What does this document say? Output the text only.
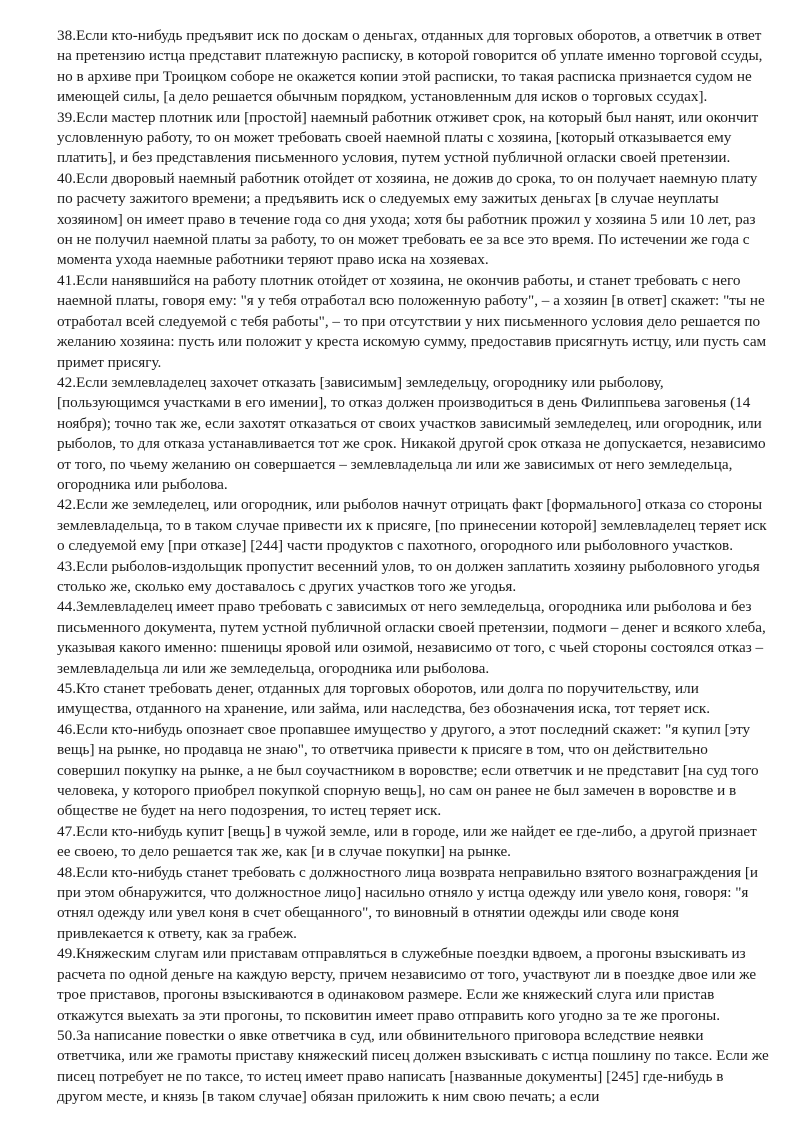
38.Если кто-нибудь предъявит иск по доскам о деньгах, отданных для торговых оборотов, а ответчик в ответ на претензию истца представит платежную расписку, в которой говорится об уплате именно торговой ссуды, но в архиве при Троицком соборе не окажется копии этой расписки, то такая расписка признается судом не имеющей силы, [а дело решается обычным порядком, установленным для исков о торговых ссудах].

39.Если мастер плотник или [простой] наемный работник отживет срок, на который был нанят, или окончит условленную работу, то он может требовать своей наемной платы с хозяина, [который отказывается ему платить], и без представления письменного условия, путем устной публичной огласки своей претензии.

40.Если дворовый наемный работник отойдет от хозяина, не дожив до срока, то он получает наемную плату по расчету зажитого времени; а предъявить иск о следуемых ему зажитых деньгах [в случае неуплаты хозяином] он имеет право в течение года со дня ухода; хотя бы работник прожил у хозяина 5 или 10 лет, раз он не получил наемной платы за работу, то он может требовать ее за все это время. По истечении же года с момента ухода наемные работники теряют право иска на хозяевах.

41.Если нанявшийся на работу плотник отойдет от хозяина, не окончив работы, и станет требовать с него наемной платы, говоря ему: "я у тебя отработал всю положенную работу", – а хозяин [в ответ] скажет: "ты не отработал всей следуемой с тебя работы", – то при отсутствии у них письменного условия дело решается по желанию хозяина: пусть или положит у креста искомую сумму, предоставив присягнуть истцу, или пусть сам примет присягу.

42.Если землевладелец захочет отказать [зависимым] земледельцу, огороднику или рыболову, [пользующимся участками в его имении], то отказ должен производиться в день Филиппьева заговенья (14 ноября); точно так же, если захотят отказаться от своих участков зависимый земледелец, или огородник, или рыболов, то для отказа устанавливается тот же срок. Никакой другой срок отказа не допускается, независимо от того, по чьему желанию он совершается – землевладельца ли или же зависимых от него земледельца, огородника или рыболова.

42.Если же земледелец, или огородник, или рыболов начнут отрицать факт [формального] отказа со стороны землевладельца, то в таком случае привести их к присяге, [по принесении которой] землевладелец теряет иск о следуемой ему [при отказе] [244] части продуктов с пахотного, огородного или рыболовного участков.

43.Если рыболов-издольщик пропустит весенний улов, то он должен заплатить хозяину рыболовного угодья столько же, сколько ему доставалось с других участков того же угодья.

44.Землевладелец имеет право требовать с зависимых от него земледельца, огородника или рыболова и без письменного документа, путем устной публичной огласки своей претензии, подмоги – денег и всякого хлеба, указывая какого именно: пшеницы яровой или озимой, независимо от того, с чьей стороны состоялся отказ – землевладельца ли или же земледельца, огородника или рыболова.

45.Кто станет требовать денег, отданных для торговых оборотов, или долга по поручительству, или имущества, отданного на хранение, или займа, или наследства, без обозначения иска, тот теряет иск.

46.Если кто-нибудь опознает свое пропавшее имущество у другого, а этот последний скажет: "я купил [эту вещь] на рынке, но продавца не знаю", то ответчика привести к присяге в том, что он действительно совершил покупку на рынке, а не был соучастником в воровстве; если ответчик и не представит [на суд того человека, у которого приобрел покупкой спорную вещь], но сам он ранее не был замечен в воровстве и в обществе не будет на него подозрения, то истец теряет иск.

47.Если кто-нибудь купит [вещь] в чужой земле, или в городе, или же найдет ее где-либо, а другой признает ее своею, то дело решается так же, как [и в случае покупки] на рынке.

48.Если кто-нибудь станет требовать с должностного лица возврата неправильно взятого вознаграждения [и при этом обнаружится, что должностное лицо] насильно отняло у истца одежду или увело коня, говоря: "я отнял одежду или увел коня в счет обещанного", то виновный в отнятии одежды или своде коня привлекается к ответу, как за грабеж.

49.Княжеским слугам или приставам отправляться в служебные поездки вдвоем, а прогоны взыскивать из расчета по одной деньге на каждую версту, причем независимо от того, участвуют ли в поездке двое или же трое приставов, прогоны взыскиваются в одинаковом размере. Если же княжеский слуга или пристав откажутся выехать за эти прогоны, то псковитин имеет право отправить кого угодно за те же прогоны.

50.За написание повестки о явке ответчика в суд, или обвинительного приговора вследствие неявки ответчика, или же грамоты приставу княжеский писец должен взыскивать с истца пошлину по таксе. Если же писец потребует не по таксе, то истец имеет право написать [названные документы] [245] где-нибудь в другом месте, и князь [в таком случае] обязан приложить к ним свою печать; а если
